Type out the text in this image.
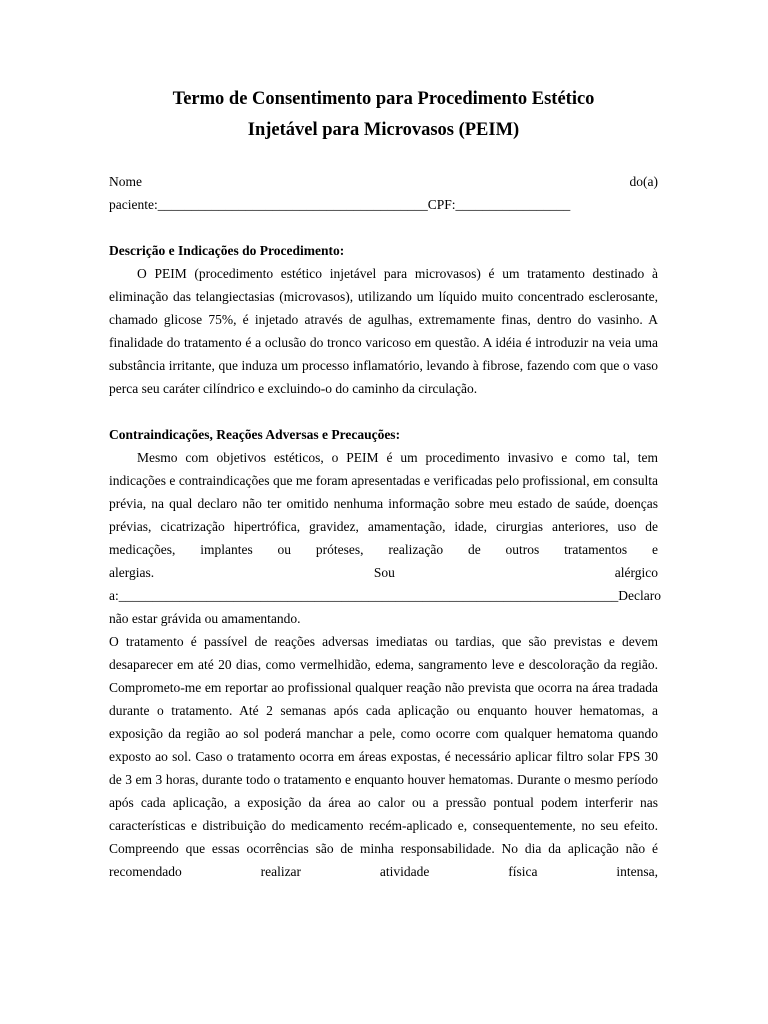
Termo de Consentimento para Procedimento Estético
Injetável para Microvasos (PEIM)
Nome	do(a)
paciente:________________________________________CPF:_________________

Descrição e Indicações do Procedimento:

O PEIM (procedimento estético injetável para microvasos) é um tratamento destinado à eliminação das telangiectasias (microvasos), utilizando um líquido muito concentrado esclerosante, chamado glicose 75%, é injetado através de agulhas, extremamente finas, dentro do vasinho. A finalidade do tratamento é a oclusão do tronco varicoso em questão. A idéia é introduzir na veia uma substância irritante, que induza um processo inflamatório, levando à fibrose, fazendo com que o vaso perca seu caráter cilíndrico e excluindo-o do caminho da circulação.

Contraindicações, Reações Adversas e Precauções:

Mesmo com objetivos estéticos, o PEIM é um procedimento invasivo e como tal, tem indicações e contraindicações que me foram apresentadas e verificadas pelo profissional, em consulta prévia, na qual declaro não ter omitido nenhuma informação sobre meu estado de saúde, doenças prévias, cicatrização hipertrófica, gravidez, amamentação, idade, cirurgias anteriores, uso de medicações, implantes ou próteses, realização de outros tratamentos e

alergias.	Sou	alérgico
a:__________________________________________________________________________ Declaro

não estar grávida ou amamentando.

O tratamento é passível de reações adversas imediatas ou tardias, que são previstas e devem desaparecer em até 20 dias, como vermelhidão, edema, sangramento leve e descoloração da região. Comprometo-me em reportar ao profissional qualquer reação não prevista que ocorra na área tradada durante o tratamento. Até 2 semanas após cada aplicação ou enquanto houver hematomas, a exposição da região ao sol poderá manchar a pele, como ocorre com qualquer hematoma quando exposto ao sol. Caso o tratamento ocorra em áreas expostas, é necessário aplicar filtro solar FPS 30 de 3 em 3 horas, durante todo o tratamento e enquanto houver hematomas. Durante o mesmo período após cada aplicação, a exposição da área ao calor ou a pressão pontual podem interferir nas características e distribuição do medicamento recém-aplicado e, consequentemente, no seu efeito. Compreendo que essas ocorrências são de minha responsabilidade. No dia da aplicação não é recomendado realizar atividade física intensa,
